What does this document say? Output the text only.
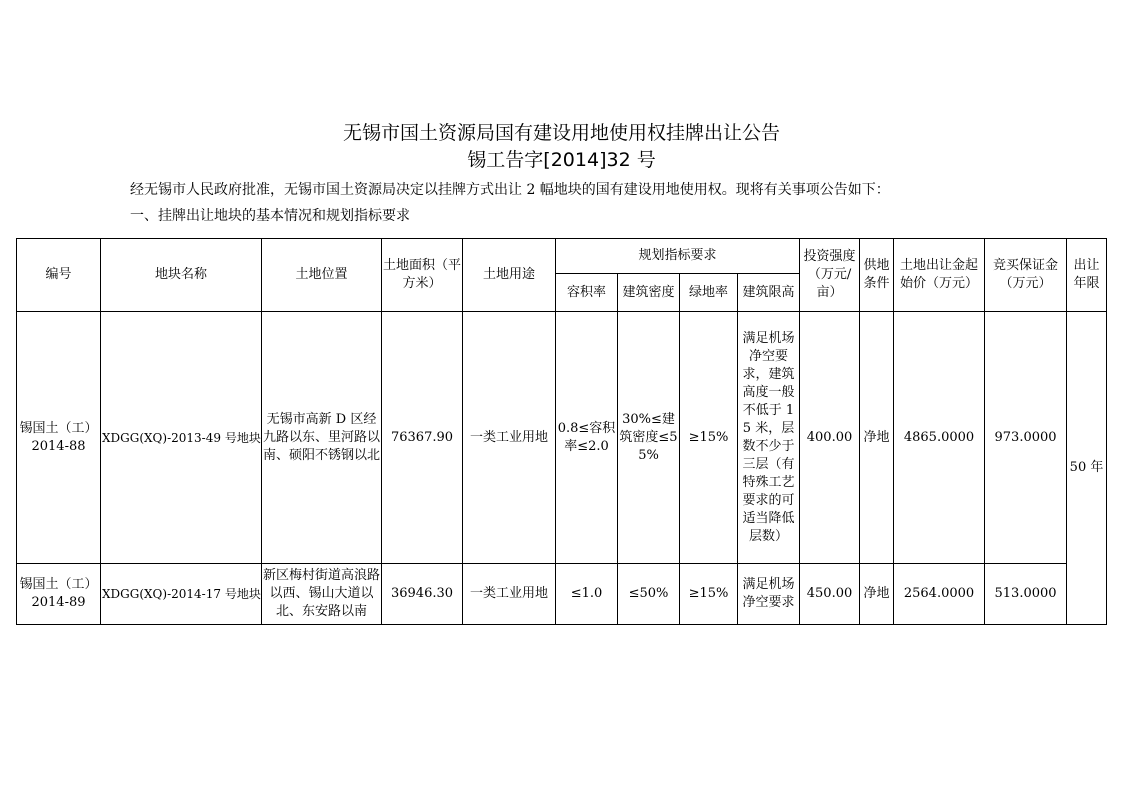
无锡市国土资源局国有建设用地使用权挂牌出让公告
锡工告字[2014]32 号
经无锡市人民政府批准，无锡市国土资源局决定以挂牌方式出让 2 幅地块的国有建设用地使用权。现将有关事项公告如下：
一、挂牌出让地块的基本情况和规划指标要求
编号	地块名称	土地位置	土地面积（平方米）	土地用途	规划指标要求				投资强度（万元/亩）	供地条件	土地出让金起始价（万元）	竞买保证金（万元）	出让年限
					容积率	建筑密度	绿地率	建筑限高					
锡国土（工）2014-88	XDGG(XQ)-2013-49 号地块	无锡市高新 D 区经九路以东、里河路以南、硕阳不锈钢以北	76367.90	一类工业用地	0.8≤容积率≤2.0	30%≤建筑密度≤55%	≥15%	满足机场净空要求，建筑高度一般不低于 15 米，层数不少于三层（有特殊工艺要求的可适当降低层数）	400.00	净地	4865.0000	973.0000	50 年
锡国土（工）2014-89	XDGG(XQ)-2014-17 号地块	新区梅村街道高浪路以西、锡山大道以北、东安路以南	36946.30	一类工业用地	≤1.0	≤50%	≥15%	满足机场净空要求	450.00	净地	2564.0000	513.0000	
